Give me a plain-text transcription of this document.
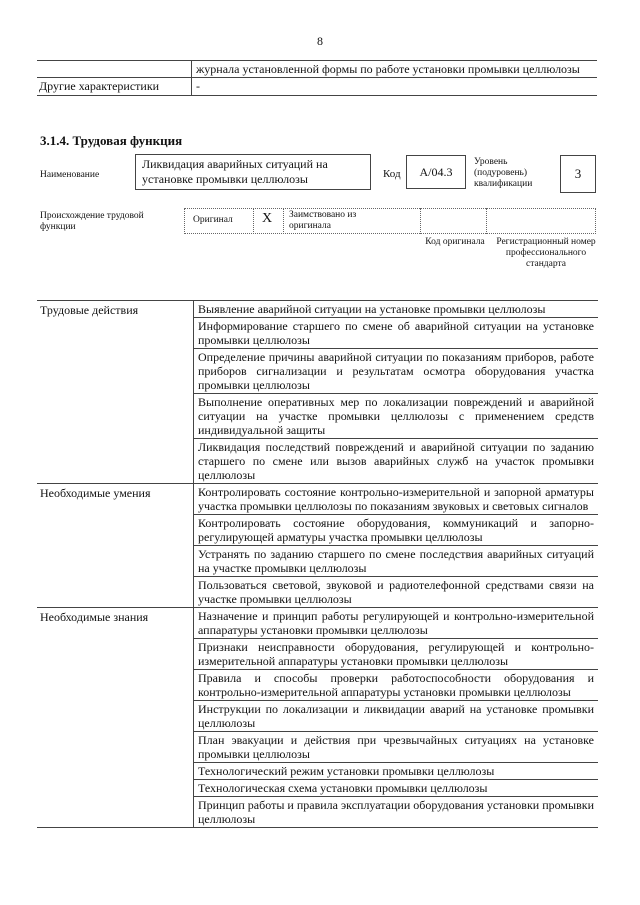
8
журнала установленной формы по работе установки промывки целлюлозы
Другие характеристики	-
3.1.4. Трудовая функция
Наименование
Ликвидация аварийных ситуаций на установке промывки целлюлозы	Код	А/04.3
Уровень (подуровень) квалификации
3
Происхождение трудовой функции
Оригинал X Заимствовано из оригинала
Код оригинала Регистрационный номер профессионального стандарта
Трудовые действия	Выявление аварийной ситуации на установке промывки целлюлозы
Информирование старшего по смене об аварийной ситуации на установке промывки целлюлозы
Определение причины аварийной ситуации по показаниям приборов, работе приборов сигнализации и результатам осмотра оборудования участка промывки целлюлозы
Выполнение оперативных мер по локализации повреждений и аварийной ситуации на участке промывки целлюлозы с применением средств индивидуальной защиты
Ликвидация последствий повреждений и аварийной ситуации по заданию старшего по смене или вызов аварийных служб на участок промывки целлюлозы
Необходимые умения	Контролировать состояние контрольно-измерительной и запорной арматуры участка промывки целлюлозы по показаниям звуковых и световых сигналов
Контролировать состояние оборудования, коммуникаций и запорно-регулирующей арматуры участка промывки целлюлозы
Устранять по заданию старшего по смене последствия аварийных ситуаций на участке промывки целлюлозы
Пользоваться световой, звуковой и радиотелефонной средствами связи на участке промывки целлюлозы
Необходимые знания	Назначение и принцип работы регулирующей и контрольно-измерительной аппаратуры установки промывки целлюлозы
Признаки неисправности оборудования, регулирующей и контрольно-измерительной аппаратуры установки промывки целлюлозы
Правила и способы проверки работоспособности оборудования и контрольно-измерительной аппаратуры установки промывки целлюлозы
Инструкции по локализации и ликвидации аварий на установке промывки целлюлозы
План эвакуации и действия при чрезвычайных ситуациях на установке промывки целлюлозы
Технологический режим установки промывки целлюлозы
Технологическая схема установки промывки целлюлозы
Принцип работы и правила эксплуатации оборудования установки промывки целлюлозы
